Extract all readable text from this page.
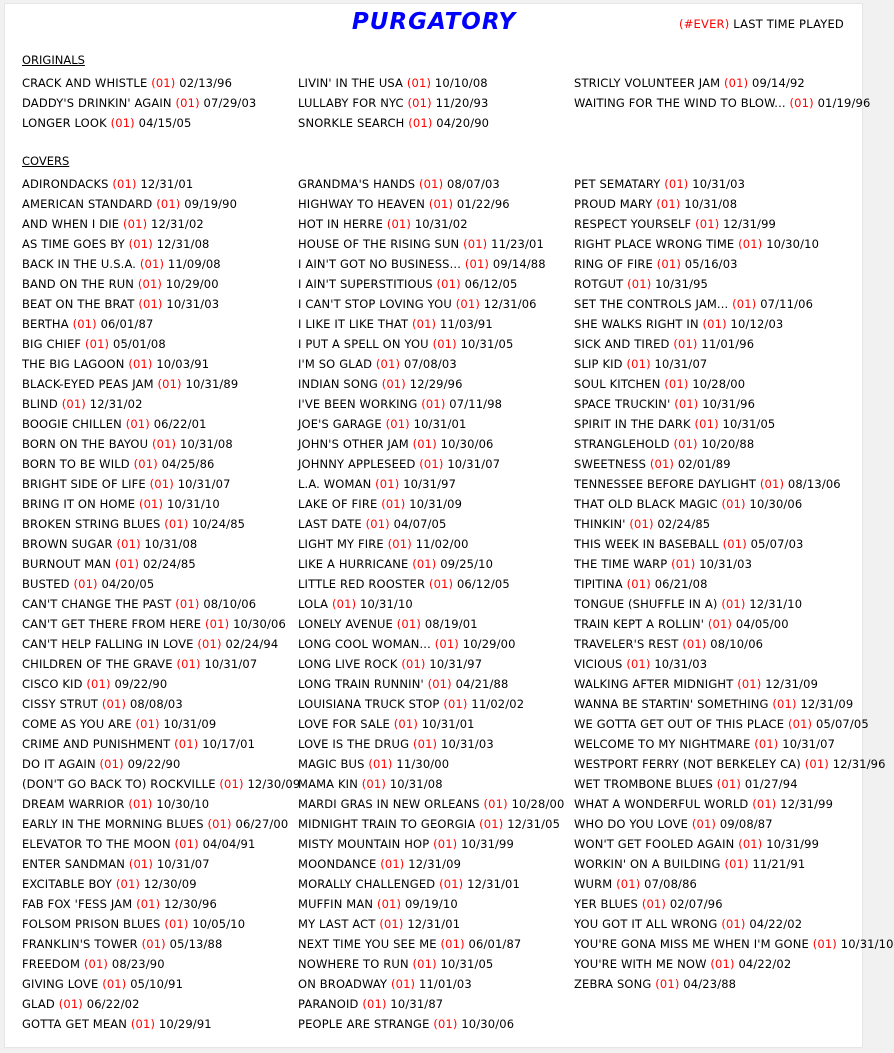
PURGATORY	(#EVER) LAST TIME PLAYED
ORIGINALS
CRACK AND WHISTLE (01) 02/13/96
DADDY'S DRINKIN' AGAIN (01) 07/29/03
LONGER LOOK (01) 04/15/05
LIVIN' IN THE USA (01) 10/10/08
LULLABY FOR NYC (01) 11/20/93
SNORKLE SEARCH (01) 04/20/90
STRICLY VOLUNTEER JAM (01) 09/14/92
WAITING FOR THE WIND TO BLOW... (01) 01/19/96
COVERS
ADIRONDACKS (01) 12/31/01
AMERICAN STANDARD (01) 09/19/90
AND WHEN I DIE (01) 12/31/02
AS TIME GOES BY (01) 12/31/08
BACK IN THE U.S.A. (01) 11/09/08
BAND ON THE RUN (01) 10/29/00
BEAT ON THE BRAT (01) 10/31/03
BERTHA (01) 06/01/87
BIG CHIEF (01) 05/01/08
THE BIG LAGOON (01) 10/03/91
BLACK-EYED PEAS JAM (01) 10/31/89
BLIND (01) 12/31/02
BOOGIE CHILLEN (01) 06/22/01
BORN ON THE BAYOU (01) 10/31/08
BORN TO BE WILD (01) 04/25/86
BRIGHT SIDE OF LIFE (01) 10/31/07
BRING IT ON HOME (01) 10/31/10
BROKEN STRING BLUES (01) 10/24/85
BROWN SUGAR (01) 10/31/08
BURNOUT MAN (01) 02/24/85
BUSTED (01) 04/20/05
CAN'T CHANGE THE PAST (01) 08/10/06
CAN'T GET THERE FROM HERE (01) 10/30/06
CAN'T HELP FALLING IN LOVE (01) 02/24/94
CHILDREN OF THE GRAVE (01) 10/31/07
CISCO KID (01) 09/22/90
CISSY STRUT (01) 08/08/03
COME AS YOU ARE (01) 10/31/09
CRIME AND PUNISHMENT (01) 10/17/01
DO IT AGAIN (01) 09/22/90
(DON'T GO BACK TO) ROCKVILLE (01) 12/30/09
DREAM WARRIOR (01) 10/30/10
EARLY IN THE MORNING BLUES (01) 06/27/00
ELEVATOR TO THE MOON (01) 04/04/91
ENTER SANDMAN (01) 10/31/07
EXCITABLE BOY (01) 12/30/09
FAB FOX 'FESS JAM (01) 12/30/96
FOLSOM PRISON BLUES (01) 10/05/10
FRANKLIN'S TOWER (01) 05/13/88
FREEDOM (01) 08/23/90
GIVING LOVE (01) 05/10/91
GLAD (01) 06/22/02
GOTTA GET MEAN (01) 10/29/91
GRANDMA'S HANDS (01) 08/07/03
HIGHWAY TO HEAVEN (01) 01/22/96
HOT IN HERRE (01) 10/31/02
HOUSE OF THE RISING SUN (01) 11/23/01
I AIN'T GOT NO BUSINESS... (01) 09/14/88
I AIN'T SUPERSTITIOUS (01) 06/12/05
I CAN'T STOP LOVING YOU (01) 12/31/06
I LIKE IT LIKE THAT (01) 11/03/91
I PUT A SPELL ON YOU (01) 10/31/05
I'M SO GLAD (01) 07/08/03
INDIAN SONG (01) 12/29/96
I'VE BEEN WORKING (01) 07/11/98
JOE'S GARAGE (01) 10/31/01
JOHN'S OTHER JAM (01) 10/30/06
JOHNNY APPLESEED (01) 10/31/07
L.A. WOMAN (01) 10/31/97
LAKE OF FIRE (01) 10/31/09
LAST DATE (01) 04/07/05
LIGHT MY FIRE (01) 11/02/00
LIKE A HURRICANE (01) 09/25/10
LITTLE RED ROOSTER (01) 06/12/05
LOLA (01) 10/31/10
LONELY AVENUE (01) 08/19/01
LONG COOL WOMAN... (01) 10/29/00
LONG LIVE ROCK (01) 10/31/97
LONG TRAIN RUNNIN' (01) 04/21/88
LOUISIANA TRUCK STOP (01) 11/02/02
LOVE FOR SALE (01) 10/31/01
LOVE IS THE DRUG (01) 10/31/03
MAGIC BUS (01) 11/30/00
MAMA KIN (01) 10/31/08
MARDI GRAS IN NEW ORLEANS (01) 10/28/00
MIDNIGHT TRAIN TO GEORGIA (01) 12/31/05
MISTY MOUNTAIN HOP (01) 10/31/99
MOONDANCE (01) 12/31/09
MORALLY CHALLENGED (01) 12/31/01
MUFFIN MAN (01) 09/19/10
MY LAST ACT (01) 12/31/01
NEXT TIME YOU SEE ME (01) 06/01/87
NOWHERE TO RUN (01) 10/31/05
ON BROADWAY (01) 11/01/03
PARANOID (01) 10/31/87
PEOPLE ARE STRANGE (01) 10/30/06
PET SEMATARY (01) 10/31/03
PROUD MARY (01) 10/31/08
RESPECT YOURSELF (01) 12/31/99
RIGHT PLACE WRONG TIME (01) 10/30/10
RING OF FIRE (01) 05/16/03
ROTGUT (01) 10/31/95
SET THE CONTROLS JAM... (01) 07/11/06
SHE WALKS RIGHT IN (01) 10/12/03
SICK AND TIRED (01) 11/01/96
SLIP KID (01) 10/31/07
SOUL KITCHEN (01) 10/28/00
SPACE TRUCKIN' (01) 10/31/96
SPIRIT IN THE DARK (01) 10/31/05
STRANGLEHOLD (01) 10/20/88
SWEETNESS (01) 02/01/89
TENNESSEE BEFORE DAYLIGHT (01) 08/13/06
THAT OLD BLACK MAGIC (01) 10/30/06
THINKIN' (01) 02/24/85
THIS WEEK IN BASEBALL (01) 05/07/03
THE TIME WARP (01) 10/31/03
TIPITINA (01) 06/21/08
TONGUE (SHUFFLE IN A) (01) 12/31/10
TRAIN KEPT A ROLLIN' (01) 04/05/00
TRAVELER'S REST (01) 08/10/06
VICIOUS (01) 10/31/03
WALKING AFTER MIDNIGHT (01) 12/31/09
WANNA BE STARTIN' SOMETHING (01) 12/31/09
WE GOTTA GET OUT OF THIS PLACE (01) 05/07/05
WELCOME TO MY NIGHTMARE (01) 10/31/07
WESTPORT FERRY (NOT BERKELEY CA) (01) 12/31/96
WET TROMBONE BLUES (01) 01/27/94
WHAT A WONDERFUL WORLD (01) 12/31/99
WHO DO YOU LOVE (01) 09/08/87
WON'T GET FOOLED AGAIN (01) 10/31/99
WORKIN' ON A BUILDING (01) 11/21/91
WURM (01) 07/08/86
YER BLUES (01) 02/07/96
YOU GOT IT ALL WRONG (01) 04/22/02
YOU'RE GONA MISS ME WHEN I'M GONE (01) 10/31/10
YOU'RE WITH ME NOW (01) 04/22/02
ZEBRA SONG (01) 04/23/88
